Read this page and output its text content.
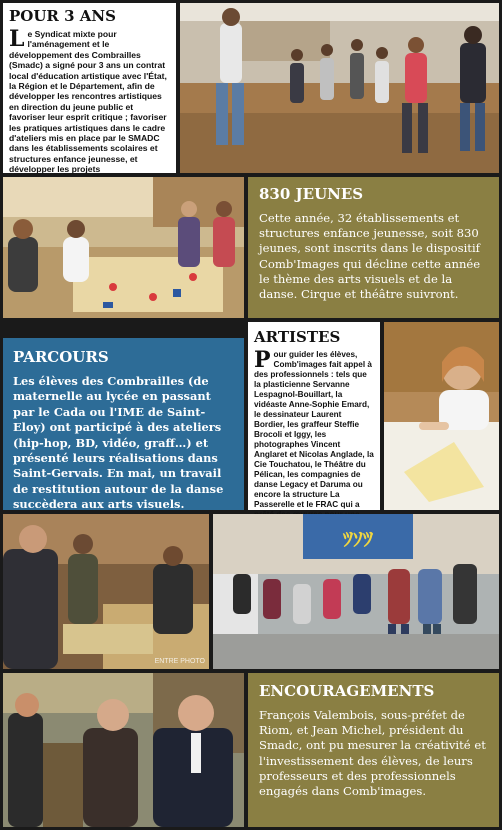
POUR 3 ANS

Le Syndicat mixte pour l'aménagement et le développement des Combrailles (Smadc) a signé pour 3 ans un contrat local d'éducation artistique avec l'État, la Région et le Département, afin de développer les rencontres artistiques en direction du jeune public et favoriser leur esprit critique ; favoriser les pratiques artistiques dans le cadre d'ateliers mis en place par le SMADC dans les établissements scolaires et structures enfance jeunesse, et développer les projets

830 JEUNES

Cette année, 32 établissements et structures enfance jeunesse, soit 830 jeunes, sont inscrits dans le dispositif Comb'Images qui décline cette année le thème des arts visuels et de la danse. Cirque et théâtre suivront.

PARCOURS

Les élèves des Combrailles (de maternelle au lycée en passant par le Cada ou l'IME de Saint-Eloy) ont participé à des ateliers (hip-hop, BD, vidéo, graff…) et présenté leurs réalisations dans Saint-Gervais. En mai, un travail de restitution autour de la danse succèdera aux arts visuels.

ARTISTES

Pour guider les élèves, Comb'images fait appel à des professionnels : tels que la plasticienne Servanne Lespagnol-Bouillart, la vidéaste Anne-Sophie Emard, le dessinateur Laurent Bordier, les graffeur Steffie Brocoli et Iggy, les photographes Vincent Anglaret et Nicolas Anglade, la Cie Touchatou, le Théâtre du Pélican, les compagnies de danse Legacy et Daruma ou encore la structure La Passerelle et le FRAC qui a

ENTRE PHOTO
ﾂｿﾂ
ENCOURAGEMENTS

François Valembois, sous-préfet de Riom, et Jean Michel, président du Smadc, ont pu mesurer la créativité et l'investissement des élèves, de leurs professeurs et des professionnels engagés dans Comb'images.
